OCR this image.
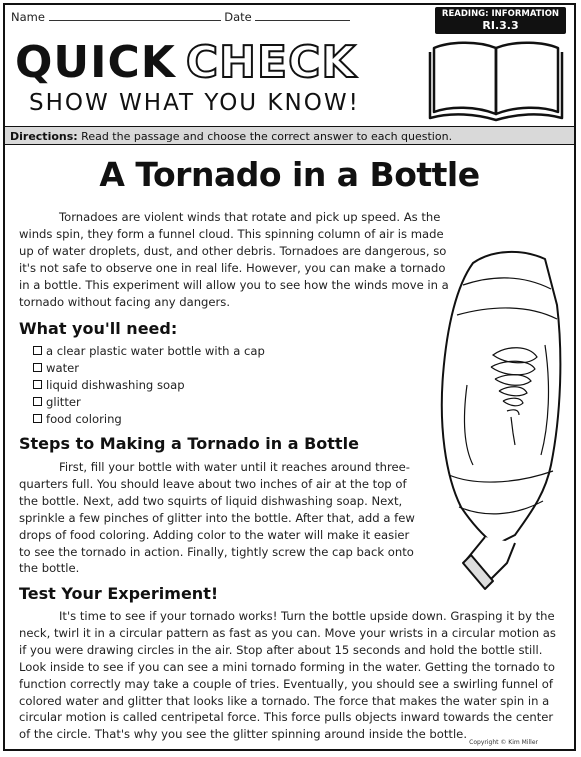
Name	Date	READING: INFORMATION
RI.3.3
QUICK CHECK
SHOW WHAT YOU KNOW!
Directions: Read the passage and choose the correct answer to each question.
A Tornado in a Bottle
Tornadoes are violent winds that rotate and pick up speed. As the winds spin, they form a funnel cloud. This spinning column of air is made up of water droplets, dust, and other debris. Tornadoes are dangerous, so it's not safe to observe one in real life. However, you can make a tornado in a bottle. This experiment will allow you to see how the winds move in a tornado without facing any dangers.
What you'll need:
a clear plastic water bottle with a cap
water
liquid dishwashing soap
glitter
food coloring
Steps to Making a Tornado in a Bottle
First, fill your bottle with water until it reaches around three-quarters full. You should leave about two inches of air at the top of the bottle. Next, add two squirts of liquid dishwashing soap. Next, sprinkle a few pinches of glitter into the bottle. After that, add a few drops of food coloring. Adding color to the water will make it easier to see the tornado in action. Finally, tightly screw the cap back onto the bottle.
Test Your Experiment!
It's time to see if your tornado works! Turn the bottle upside down. Grasping it by the neck, twirl it in a circular pattern as fast as you can. Move your wrists in a circular motion as if you were drawing circles in the air. Stop after about 15 seconds and hold the bottle still. Look inside to see if you can see a mini tornado forming in the water. Getting the tornado to function correctly may take a couple of tries. Eventually, you should see a swirling funnel of colored water and glitter that looks like a tornado. The force that makes the water spin in a circular motion is called centripetal force. This force pulls objects inward towards the center of the circle. That's why you see the glitter spinning around inside the bottle.
Copyright © Kim Miller
